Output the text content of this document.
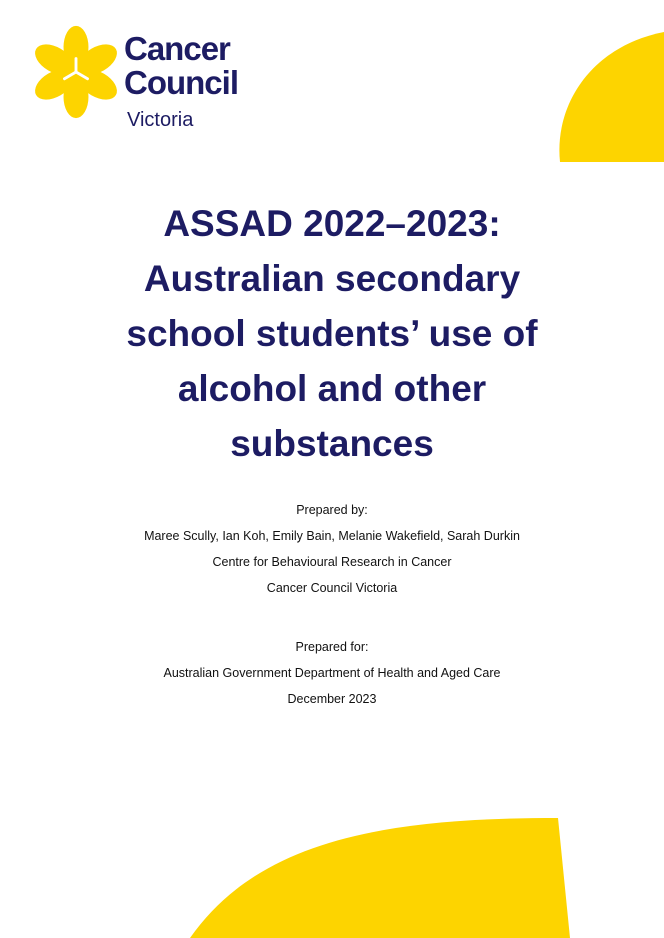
Cancer
Council
Victoria
ASSAD 2022–2023:
Australian secondary
school students’ use of
alcohol and other
substances
Prepared by:
Maree Scully, Ian Koh, Emily Bain, Melanie Wakefield, Sarah Durkin
Centre for Behavioural Research in Cancer
Cancer Council Victoria
Prepared for:
Australian Government Department of Health and Aged Care
December 2023
